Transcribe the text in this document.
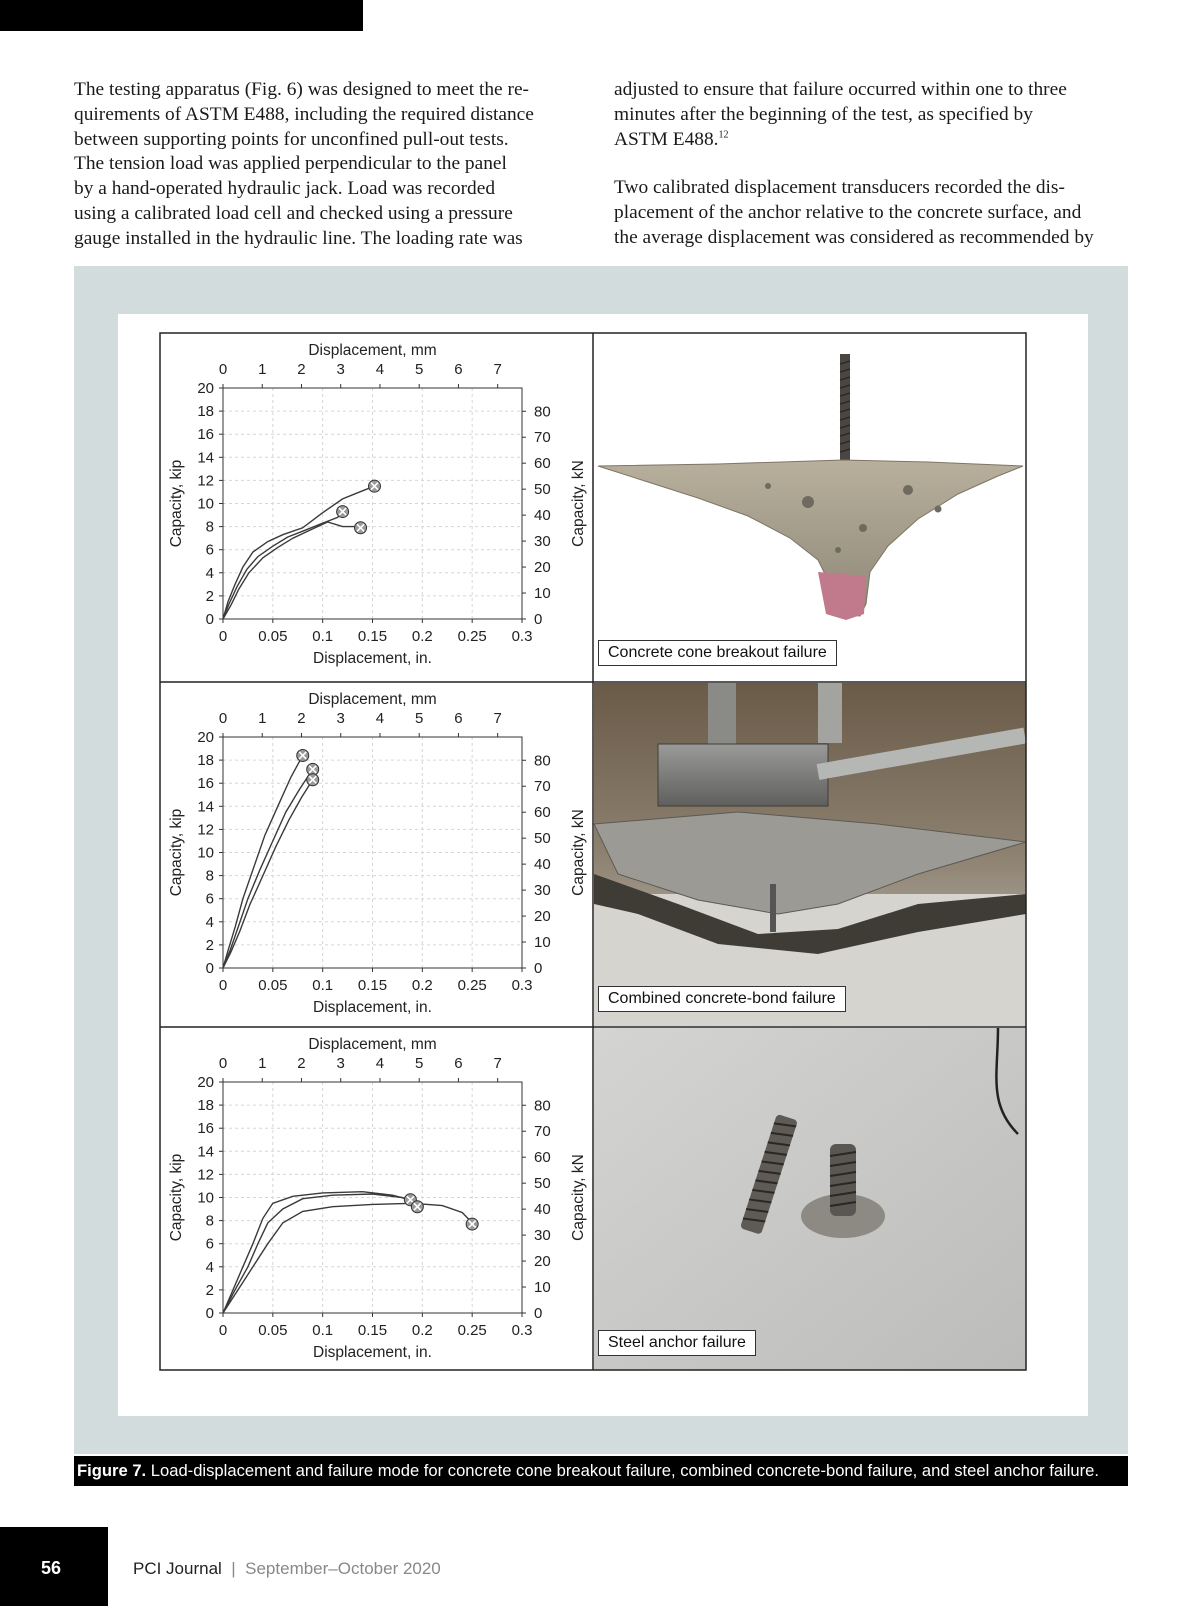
The testing apparatus (Fig. 6) was designed to meet the re-
quirements of ASTM E488, including the required distance
between supporting points for unconfined pull-out tests.
The tension load was applied perpendicular to the panel
by a hand-operated hydraulic jack. Load was recorded
using a calibrated load cell and checked using a pressure
gauge installed in the hydraulic line. The loading rate was

adjusted to ensure that failure occurred within one to three
minutes after the beginning of the test, as specified by
ASTM E488.12

Two calibrated displacement transducers recorded the dis-
placement of the anchor relative to the concrete surface, and
the average displacement was considered as recommended by

0 0.05 0.1 0.15 0.2 0.25 0.3
0 1 2 3 4 5 6 7
0
2
4
6
8
10
12
14
16
18
20
0
10
20
30
40
50
60
70
80
Displacement, in.
Displacement, mm
Capacity, kip	Capacity, kN
0 0.05 0.1 0.15 0.2 0.25 0.3
0 1 2 3 4 5 6 7
0
2
4
6
8
10
12
14
16
18
20
0
10
20
30
40
50
60
70
80
Displacement, in.
Displacement, mm
Capacity, kip	Capacity, kN
0 0.05 0.1 0.15 0.2 0.25 0.3
0 1 2 3 4 5 6 7
0
2
4
6
8
10
12
14
16
18
20
0
10
20
30
40
50
60
70
80
Displacement, in.
Displacement, mm
Capacity, kip	Capacity, kN
Concrete cone breakout failure
Combined concrete-bond failure
Steel anchor failure
Figure 7. Load-displacement and failure mode for concrete cone breakout failure, combined concrete-bond failure, and steel anchor failure.
56	PCI Journal  |  September–October 2020
